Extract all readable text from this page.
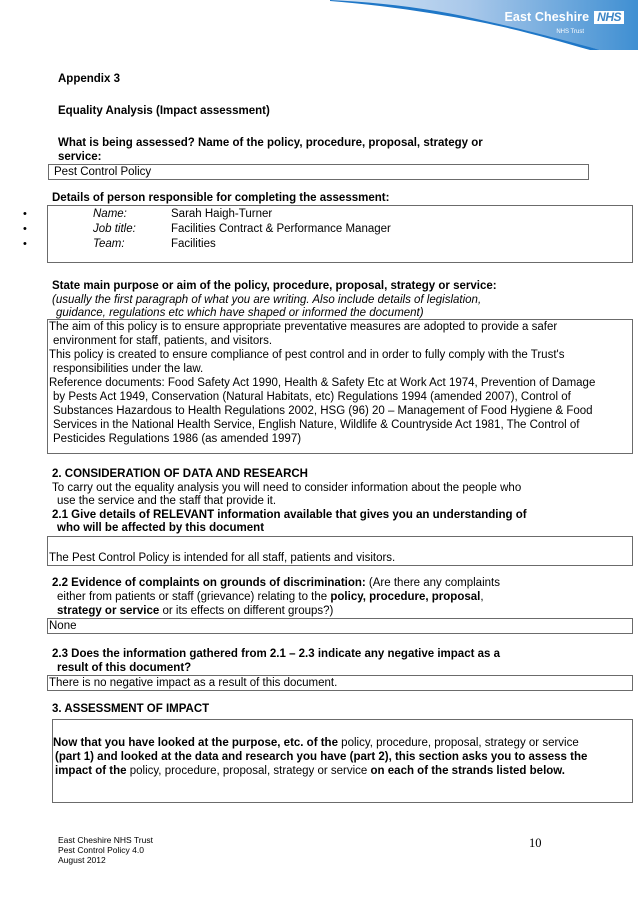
East Cheshire NHS
NHS Trust
Appendix 3
Equality Analysis (Impact assessment)
What is being assessed? Name of the policy, procedure, proposal, strategy or
service:
Pest Control Policy
Details of person responsible for completing the assessment:
•	Name:	Sarah Haigh-Turner
•	Job title:	Facilities Contract & Performance Manager
•	Team:	Facilities
State main purpose or aim of the policy, procedure, proposal, strategy or service:
(usually the first paragraph of what you are writing. Also include details of legislation,
guidance, regulations etc which have shaped or informed the document)
The aim of this policy is to ensure appropriate preventative measures are adopted to provide a safer
environment for staff, patients, and visitors.
This policy is created to ensure compliance of pest control and in order to fully comply with the Trust's
responsibilities under the law.
Reference documents: Food Safety Act 1990, Health & Safety Etc at Work Act 1974, Prevention of Damage
by Pests Act 1949, Conservation (Natural Habitats, etc) Regulations 1994 (amended 2007), Control of
Substances Hazardous to Health Regulations 2002, HSG (96) 20 – Management of Food Hygiene & Food
Services in the National Health Service, English Nature, Wildlife & Countryside Act 1981, The Control of
Pesticides Regulations 1986 (as amended 1997)
2. CONSIDERATION OF DATA AND RESEARCH
To carry out the equality analysis you will need to consider information about the people who
use the service and the staff that provide it.
2.1 Give details of RELEVANT information available that gives you an understanding of
who will be affected by this document
The Pest Control Policy is intended for all staff, patients and visitors.
2.2 Evidence of complaints on grounds of discrimination: (Are there any complaints
either from patients or staff (grievance) relating to the policy, procedure, proposal,
strategy or service or its effects on different groups?)
None
2.3 Does the information gathered from 2.1 – 2.3 indicate any negative impact as a
result of this document?
There is no negative impact as a result of this document.
3. ASSESSMENT OF IMPACT
Now that you have looked at the purpose, etc. of the policy, procedure, proposal, strategy or service
(part 1) and looked at the data and research you have (part 2), this section asks you to assess the
impact of the policy, procedure, proposal, strategy or service on each of the strands listed below.
East Cheshire NHS Trust
Pest Control Policy 4.0
August 2012
10
